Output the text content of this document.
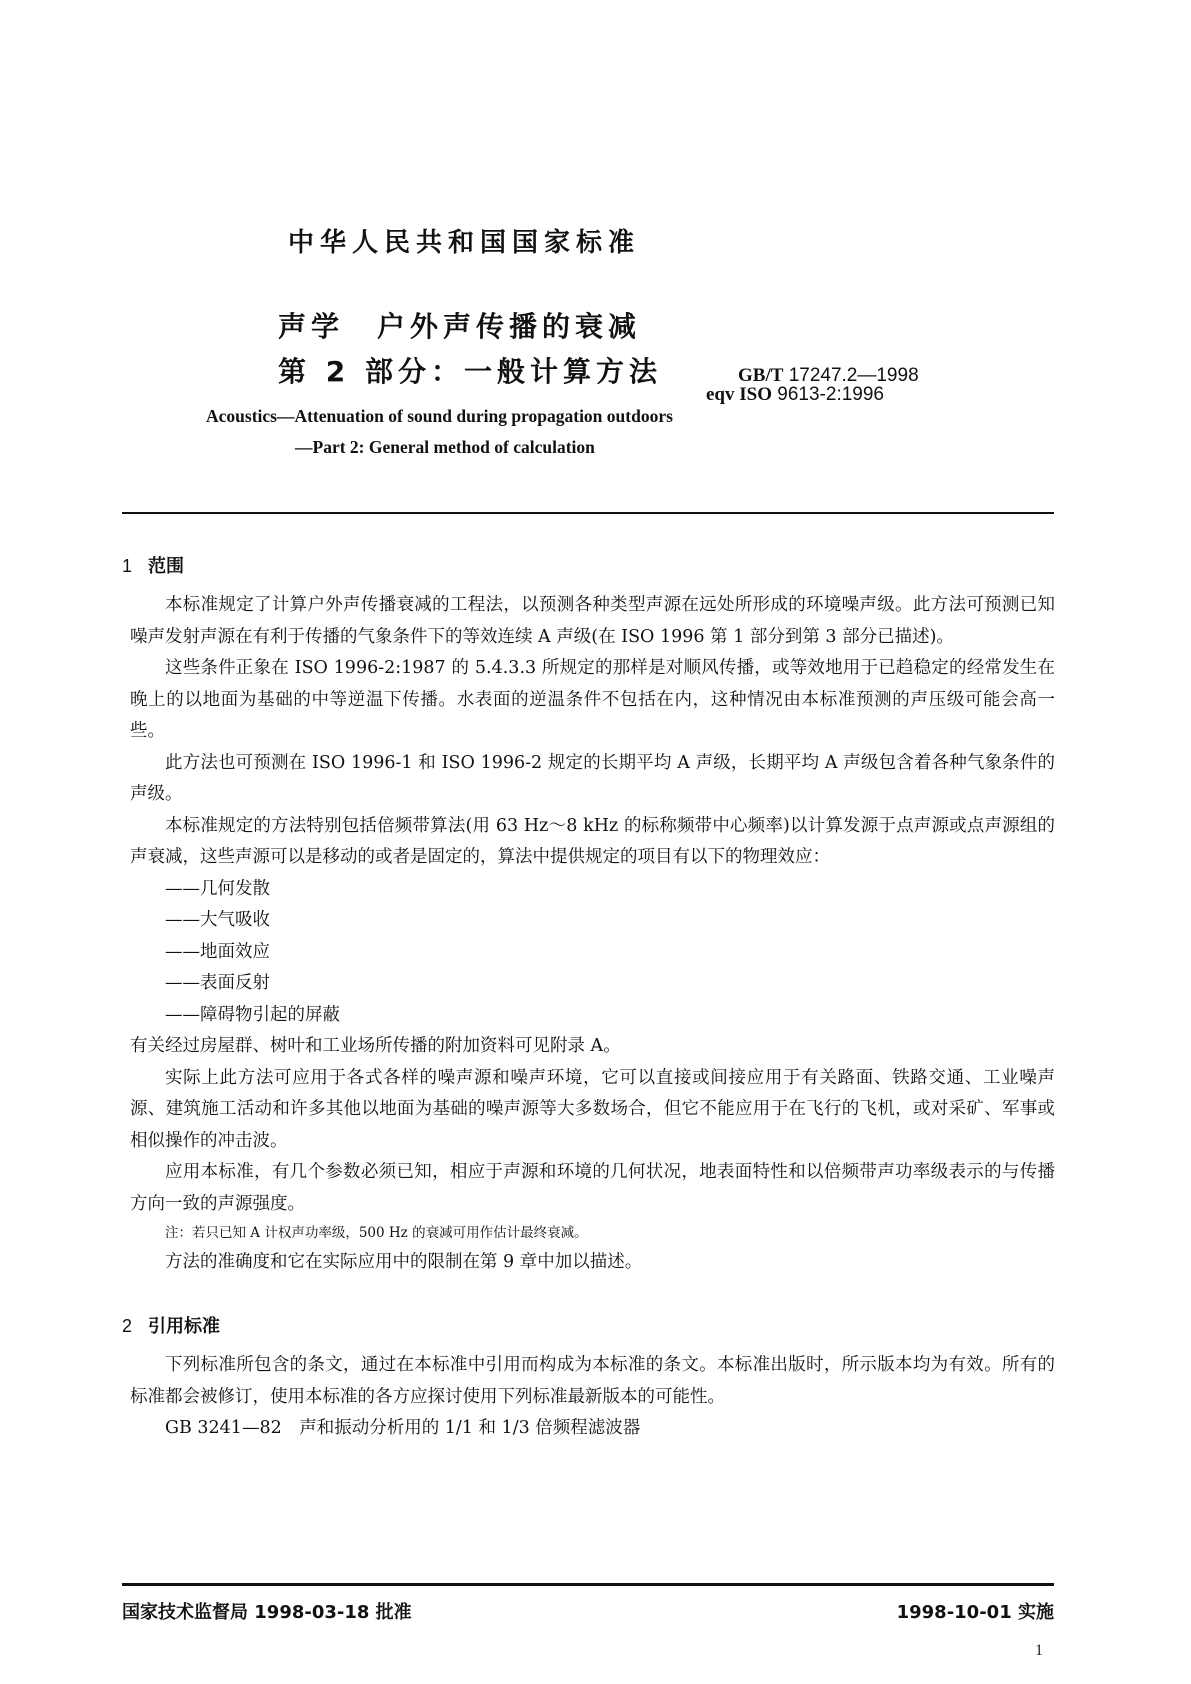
中华人民共和国国家标准
声学　户外声传播的衰减
第 2 部分：一般计算方法	GB/T 17247.2—1998
eqv ISO 9613-2:1996
Acoustics—Attenuation of sound during propagation outdoors
—Part 2: General method of calculation
1 范围

本标准规定了计算户外声传播衰减的工程法，以预测各种类型声源在远处所形成的环境噪声级。此方法可预测已知噪声发射声源在有利于传播的气象条件下的等效连续 A 声级(在 ISO 1996 第 1 部分到第 3 部分已描述)。

这些条件正象在 ISO 1996-2:1987 的 5.4.3.3 所规定的那样是对顺风传播，或等效地用于已趋稳定的经常发生在晚上的以地面为基础的中等逆温下传播。水表面的逆温条件不包括在内，这种情况由本标准预测的声压级可能会高一些。

此方法也可预测在 ISO 1996-1 和 ISO 1996-2 规定的长期平均 A 声级，长期平均 A 声级包含着各种气象条件的声级。

本标准规定的方法特别包括倍频带算法(用 63 Hz～8 kHz 的标称频带中心频率)以计算发源于点声源或点声源组的声衰减，这些声源可以是移动的或者是固定的，算法中提供规定的项目有以下的物理效应：

——几何发散

——大气吸收

——地面效应

——表面反射

——障碍物引起的屏蔽

有关经过房屋群、树叶和工业场所传播的附加资料可见附录 A。

实际上此方法可应用于各式各样的噪声源和噪声环境，它可以直接或间接应用于有关路面、铁路交通、工业噪声源、建筑施工活动和许多其他以地面为基础的噪声源等大多数场合，但它不能应用于在飞行的飞机，或对采矿、军事或相似操作的冲击波。

应用本标准，有几个参数必须已知，相应于声源和环境的几何状况，地表面特性和以倍频带声功率级表示的与传播方向一致的声源强度。

注：若只已知 A 计权声功率级，500 Hz 的衰减可用作估计最终衰减。

方法的准确度和它在实际应用中的限制在第 9 章中加以描述。

2 引用标准

下列标准所包含的条文，通过在本标准中引用而构成为本标准的条文。本标准出版时，所示版本均为有效。所有的标准都会被修订，使用本标准的各方应探讨使用下列标准最新版本的可能性。

GB 3241—82　声和振动分析用的 1/1 和 1/3 倍频程滤波器

国家技术监督局 1998-03-18 批准	1998-10-01 实施
1
